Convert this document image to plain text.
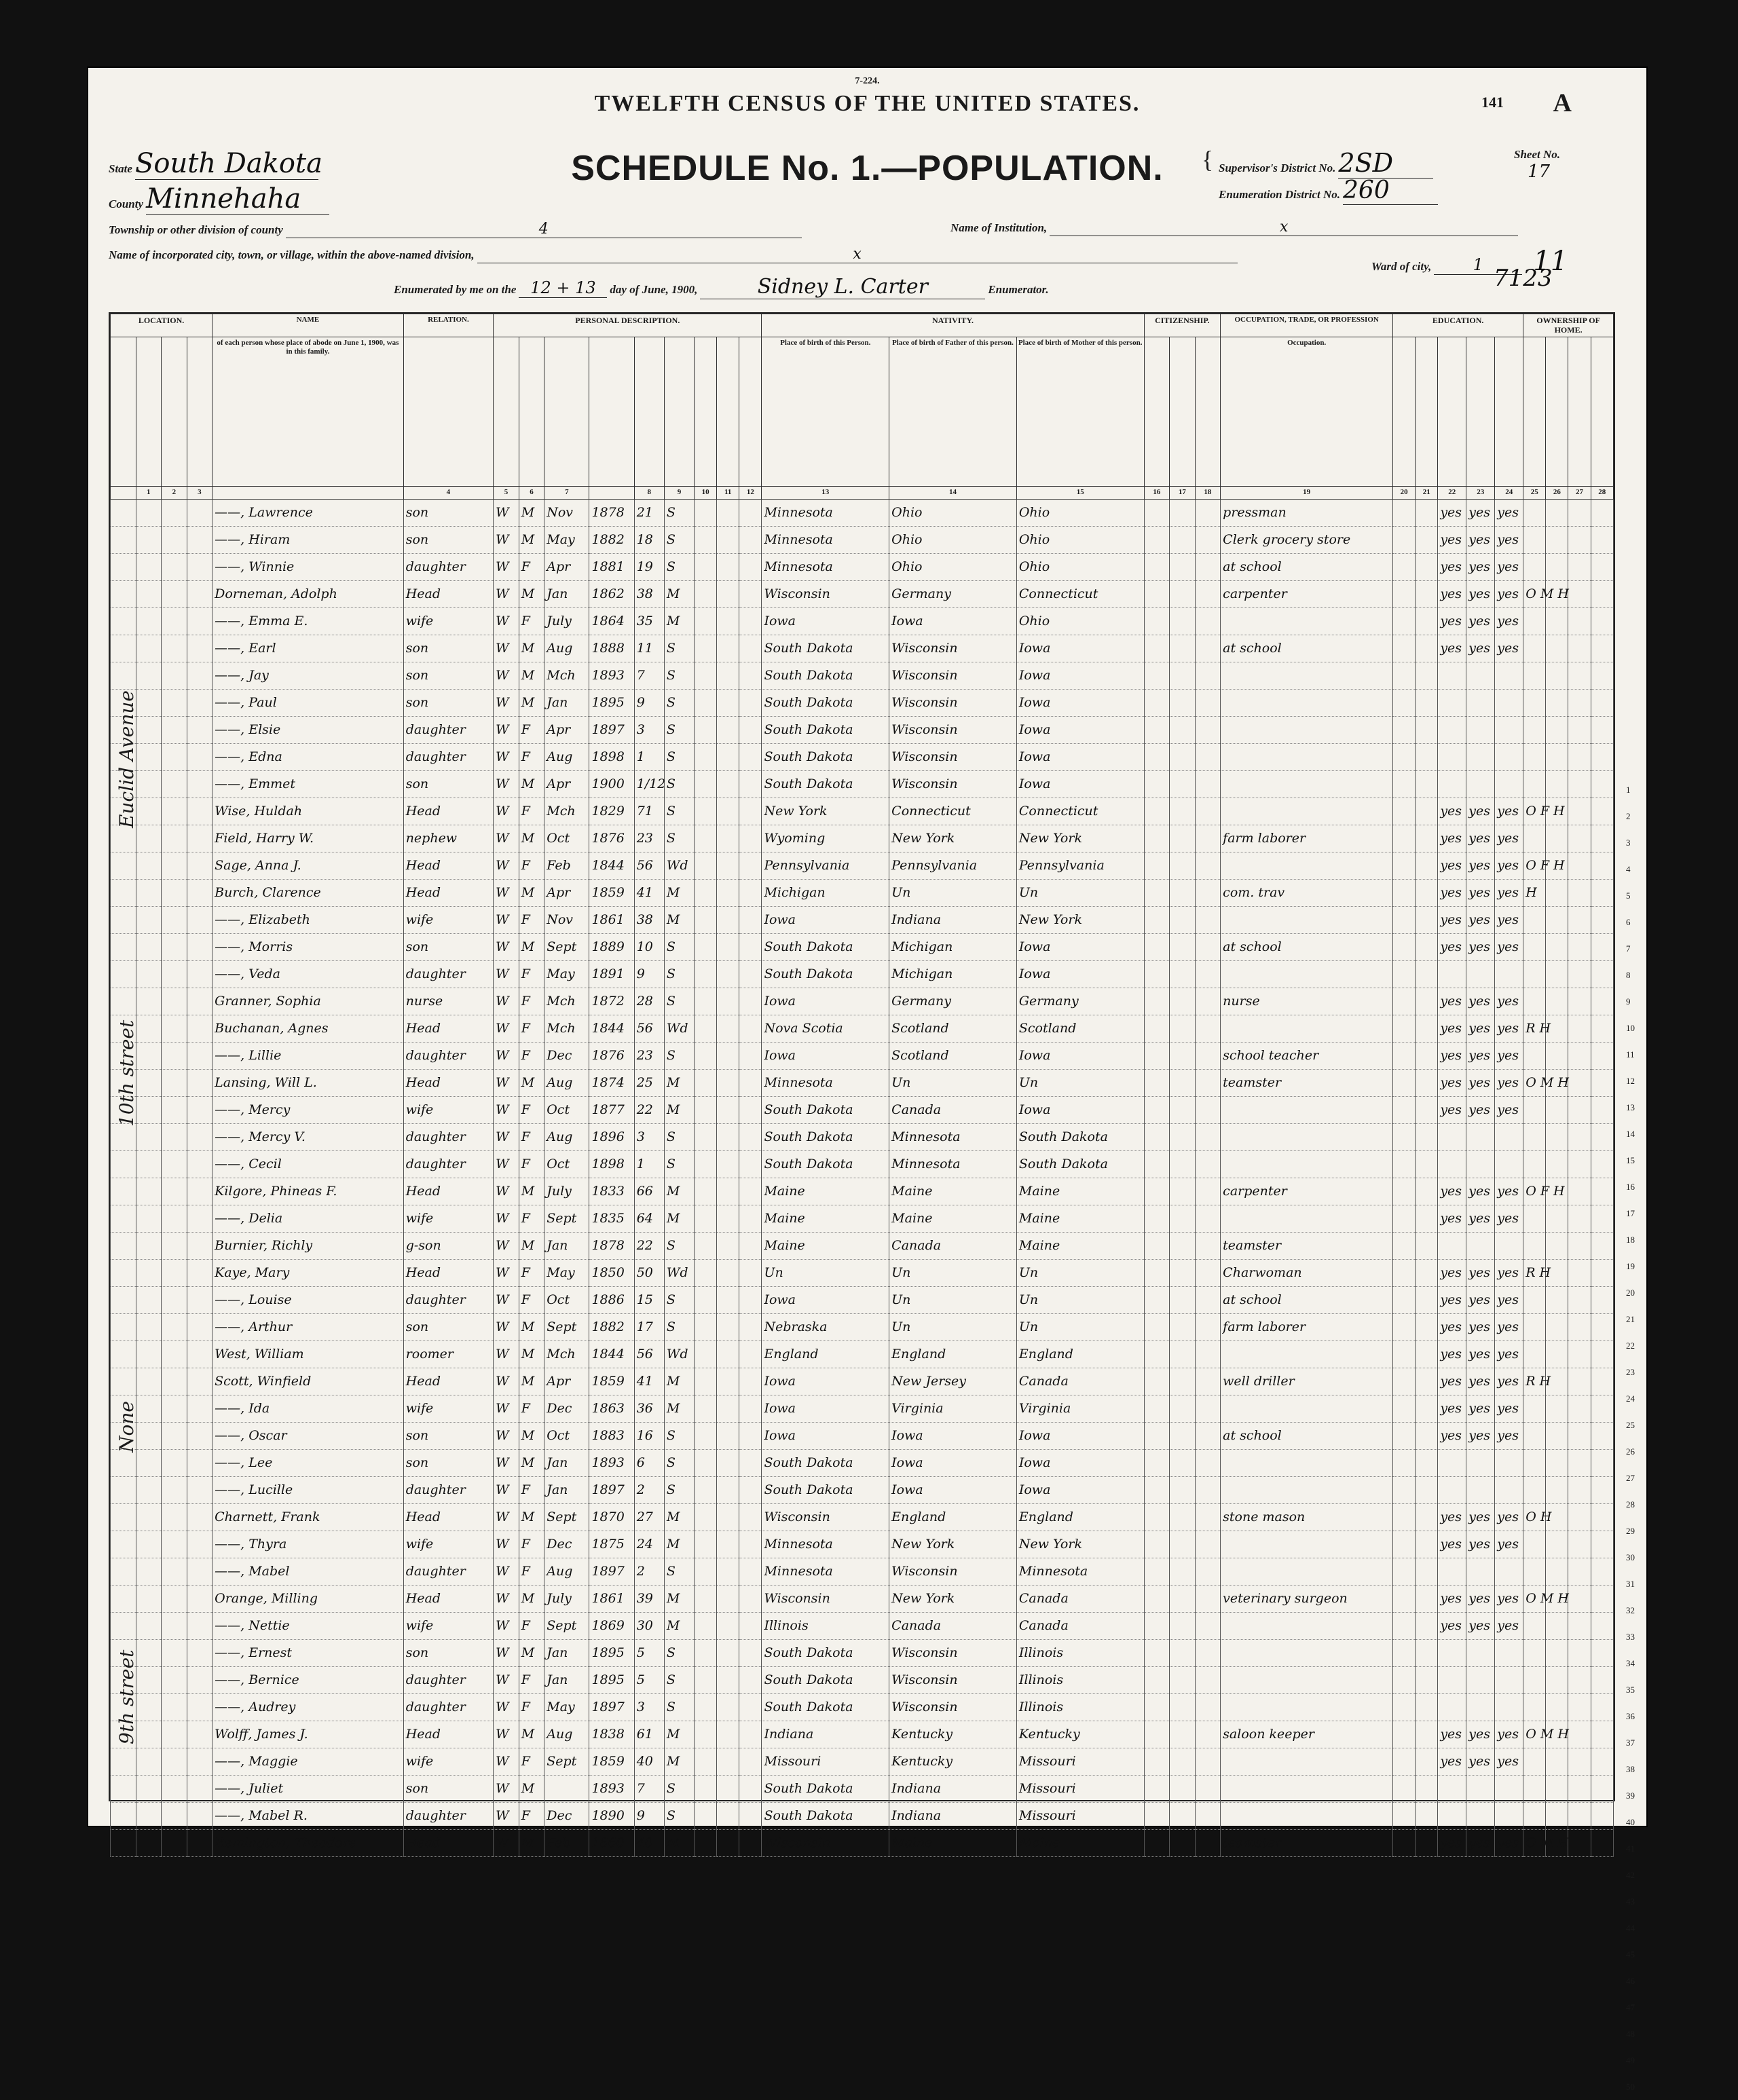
7-224.
TWELFTH CENSUS OF THE UNITED STATES.	141 A
SCHEDULE No. 1.—POPULATION.
State South Dakota
County Minnehaha
{ Supervisor's District No. 2SD
Enumeration District No. 260
Sheet No.
17
Township or other division of county	4	Name of Institution,	x
Name of incorporated city, town, or village, within the above-named division,	x
Ward of city,	1 11
Enumerated by me on the 12 + 13 day of June, 1900,	Sidney L. Carter	Enumerator.	7123
LOCATION.				NAME	RELATION.	PERSONAL DESCRIPTION.									NATIVITY.			CITIZENSHIP.			OCCUPATION, TRADE, OR PROFESSION	EDUCATION.					OWNERSHIP OF HOME.			
				of each person whose place of abode on June 1, 1900, was in this family.											Place of birth of this Person.	Place of birth of Father of this person.	Place of birth of Mother of this person.				Occupation.									
	1	2	3		4	5	6	7		8	9	10	11	12	13	14	15	16	17	18	19	20	21	22	23	24	25	26	27	28
				——, Lawrence	son	W	M	Nov	1878	21	S				Minnesota	Ohio	Ohio				pressman			yes	yes	yes				
				——, Hiram	son	W	M	May	1882	18	S				Minnesota	Ohio	Ohio				Clerk grocery store			yes	yes	yes				
				——, Winnie	daughter	W	F	Apr	1881	19	S				Minnesota	Ohio	Ohio				at school			yes	yes	yes				
				Dorneman, Adolph	Head	W	M	Jan	1862	38	M				Wisconsin	Germany	Connecticut				carpenter			yes	yes	yes	O M H			
				——, Emma E.	wife	W	F	July	1864	35	M				Iowa	Iowa	Ohio							yes	yes	yes				
				——, Earl	son	W	M	Aug	1888	11	S				South Dakota	Wisconsin	Iowa				at school			yes	yes	yes				
				——, Jay	son	W	M	Mch	1893	7	S				South Dakota	Wisconsin	Iowa													
				——, Paul	son	W	M	Jan	1895	9	S				South Dakota	Wisconsin	Iowa													
				——, Elsie	daughter	W	F	Apr	1897	3	S				South Dakota	Wisconsin	Iowa													
				——, Edna	daughter	W	F	Aug	1898	1	S				South Dakota	Wisconsin	Iowa													
				——, Emmet	son	W	M	Apr	1900	1/12	S				South Dakota	Wisconsin	Iowa													
				Wise, Huldah	Head	W	F	Mch	1829	71	S				New York	Connecticut	Connecticut							yes	yes	yes	O F H			
				Field, Harry W.	nephew	W	M	Oct	1876	23	S				Wyoming	New York	New York				farm laborer			yes	yes	yes				
				Sage, Anna J.	Head	W	F	Feb	1844	56	Wd				Pennsylvania	Pennsylvania	Pennsylvania							yes	yes	yes	O F H			
				Burch, Clarence	Head	W	M	Apr	1859	41	M				Michigan	Un	Un				com. trav			yes	yes	yes	H			
				——, Elizabeth	wife	W	F	Nov	1861	38	M				Iowa	Indiana	New York							yes	yes	yes				
				——, Morris	son	W	M	Sept	1889	10	S				South Dakota	Michigan	Iowa				at school			yes	yes	yes				
				——, Veda	daughter	W	F	May	1891	9	S				South Dakota	Michigan	Iowa													
				Granner, Sophia	nurse	W	F	Mch	1872	28	S				Iowa	Germany	Germany				nurse			yes	yes	yes				
				Buchanan, Agnes	Head	W	F	Mch	1844	56	Wd				Nova Scotia	Scotland	Scotland							yes	yes	yes	R H			
				——, Lillie	daughter	W	F	Dec	1876	23	S				Iowa	Scotland	Iowa				school teacher			yes	yes	yes				
				Lansing, Will L.	Head	W	M	Aug	1874	25	M				Minnesota	Un	Un				teamster			yes	yes	yes	O M H			
				——, Mercy	wife	W	F	Oct	1877	22	M				South Dakota	Canada	Iowa							yes	yes	yes				
				——, Mercy V.	daughter	W	F	Aug	1896	3	S				South Dakota	Minnesota	South Dakota													
				——, Cecil	daughter	W	F	Oct	1898	1	S				South Dakota	Minnesota	South Dakota													
				Kilgore, Phineas F.	Head	W	M	July	1833	66	M				Maine	Maine	Maine				carpenter			yes	yes	yes	O F H			
				——, Delia	wife	W	F	Sept	1835	64	M				Maine	Maine	Maine							yes	yes	yes				
				Burnier, Richly	g-son	W	M	Jan	1878	22	S				Maine	Canada	Maine				teamster									
				Kaye, Mary	Head	W	F	May	1850	50	Wd				Un	Un	Un				Charwoman			yes	yes	yes	R H			
				——, Louise	daughter	W	F	Oct	1886	15	S				Iowa	Un	Un				at school			yes	yes	yes				
				——, Arthur	son	W	M	Sept	1882	17	S				Nebraska	Un	Un				farm laborer			yes	yes	yes				
				West, William	roomer	W	M	Mch	1844	56	Wd				England	England	England							yes	yes	yes				
				Scott, Winfield	Head	W	M	Apr	1859	41	M				Iowa	New Jersey	Canada				well driller			yes	yes	yes	R H			
				——, Ida	wife	W	F	Dec	1863	36	M				Iowa	Virginia	Virginia							yes	yes	yes				
				——, Oscar	son	W	M	Oct	1883	16	S				Iowa	Iowa	Iowa				at school			yes	yes	yes				
				——, Lee	son	W	M	Jan	1893	6	S				South Dakota	Iowa	Iowa													
				——, Lucille	daughter	W	F	Jan	1897	2	S				South Dakota	Iowa	Iowa													
				Charnett, Frank	Head	W	M	Sept	1870	27	M				Wisconsin	England	England				stone mason			yes	yes	yes	O H			
				——, Thyra	wife	W	F	Dec	1875	24	M				Minnesota	New York	New York							yes	yes	yes				
				——, Mabel	daughter	W	F	Aug	1897	2	S				Minnesota	Wisconsin	Minnesota													
				Orange, Milling	Head	W	M	July	1861	39	M				Wisconsin	New York	Canada				veterinary surgeon			yes	yes	yes	O M H			
				——, Nettie	wife	W	F	Sept	1869	30	M				Illinois	Canada	Canada							yes	yes	yes				
				——, Ernest	son	W	M	Jan	1895	5	S				South Dakota	Wisconsin	Illinois													
				——, Bernice	daughter	W	F	Jan	1895	5	S				South Dakota	Wisconsin	Illinois													
				——, Audrey	daughter	W	F	May	1897	3	S				South Dakota	Wisconsin	Illinois													
				Wolff, James J.	Head	W	M	Aug	1838	61	M				Indiana	Kentucky	Kentucky				saloon keeper			yes	yes	yes	O M H			
				——, Maggie	wife	W	F	Sept	1859	40	M				Missouri	Kentucky	Missouri							yes	yes	yes				
				——, Juliet	son	W	M		1893	7	S				South Dakota	Indiana	Missouri													
				——, Mabel R.	daughter	W	F	Dec	1890	9	S				South Dakota	Indiana	Missouri													
				Remington, Theodore	Head	W	M	Feb	1860	40	M				Wisconsin	Maine	Maine				teamster			yes	yes	yes	O M H			
1
2
3
4
5
6
7
8
9
10
11
12
13
14
15
16
17
18
19
20
21
22
23
24
25
26
27
28
29
30
31
32
33
34
35
36
37
38
39
40
41
42
43
44
45
46
47
48
49
50
Euclid Avenue
10th street
None
9th street
